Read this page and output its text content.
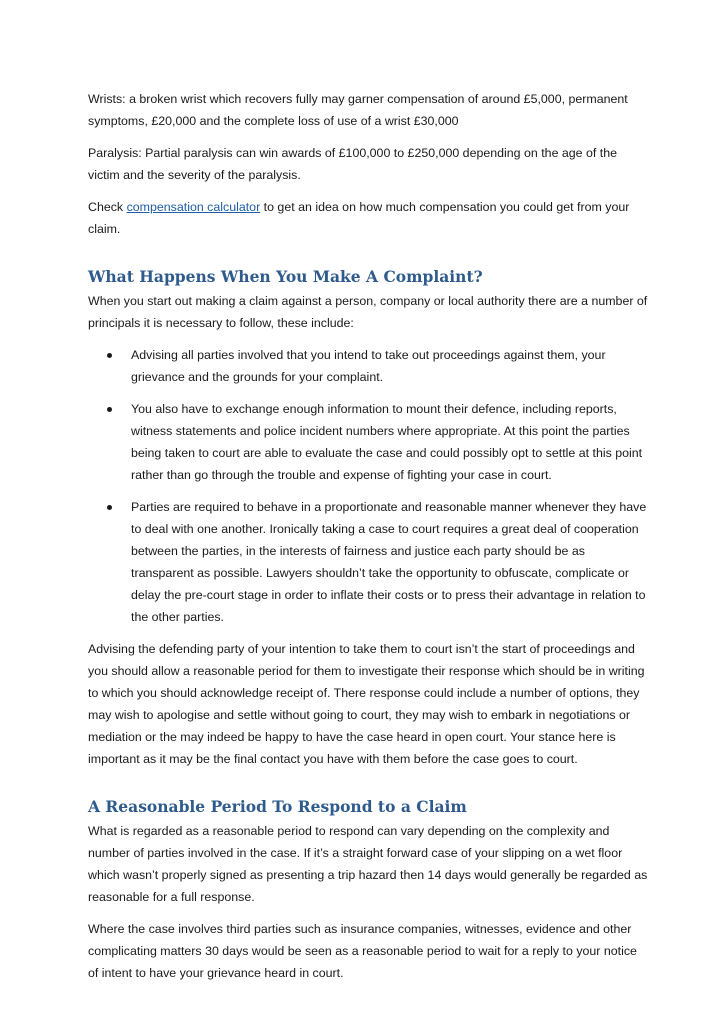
Wrists: a broken wrist which recovers fully may garner compensation of around £5,000, permanent symptoms, £20,000 and the complete loss of use of a wrist £30,000

Paralysis: Partial paralysis can win awards of £100,000 to £250,000 depending on the age of the victim and the severity of the paralysis.

Check compensation calculator to get an idea on how much compensation you could get from your claim.

What Happens When You Make A Complaint?

When you start out making a claim against a person, company or local authority there are a number of principals it is necessary to follow, these include:

Advising all parties involved that you intend to take out proceedings against them, your grievance and the grounds for your complaint.
You also have to exchange enough information to mount their defence, including reports, witness statements and police incident numbers where appropriate. At this point the parties being taken to court are able to evaluate the case and could possibly opt to settle at this point rather than go through the trouble and expense of fighting your case in court.
Parties are required to behave in a proportionate and reasonable manner whenever they have to deal with one another. Ironically taking a case to court requires a great deal of cooperation between the parties, in the interests of fairness and justice each party should be as transparent as possible. Lawyers shouldn’t take the opportunity to obfuscate, complicate or delay the pre-court stage in order to inflate their costs or to press their advantage in relation to the other parties.

Advising the defending party of your intention to take them to court isn’t the start of proceedings and you should allow a reasonable period for them to investigate their response which should be in writing to which you should acknowledge receipt of. There response could include a number of options, they may wish to apologise and settle without going to court, they may wish to embark in negotiations or mediation or the may indeed be happy to have the case heard in open court. Your stance here is important as it may be the final contact you have with them before the case goes to court.

A Reasonable Period To Respond to a Claim

What is regarded as a reasonable period to respond can vary depending on the complexity and number of parties involved in the case. If it’s a straight forward case of your slipping on a wet floor which wasn’t properly signed as presenting a trip hazard then 14 days would generally be regarded as reasonable for a full response.

Where the case involves third parties such as insurance companies, witnesses, evidence and other complicating matters 30 days would be seen as a reasonable period to wait for a reply to your notice of intent to have your grievance heard in court.
